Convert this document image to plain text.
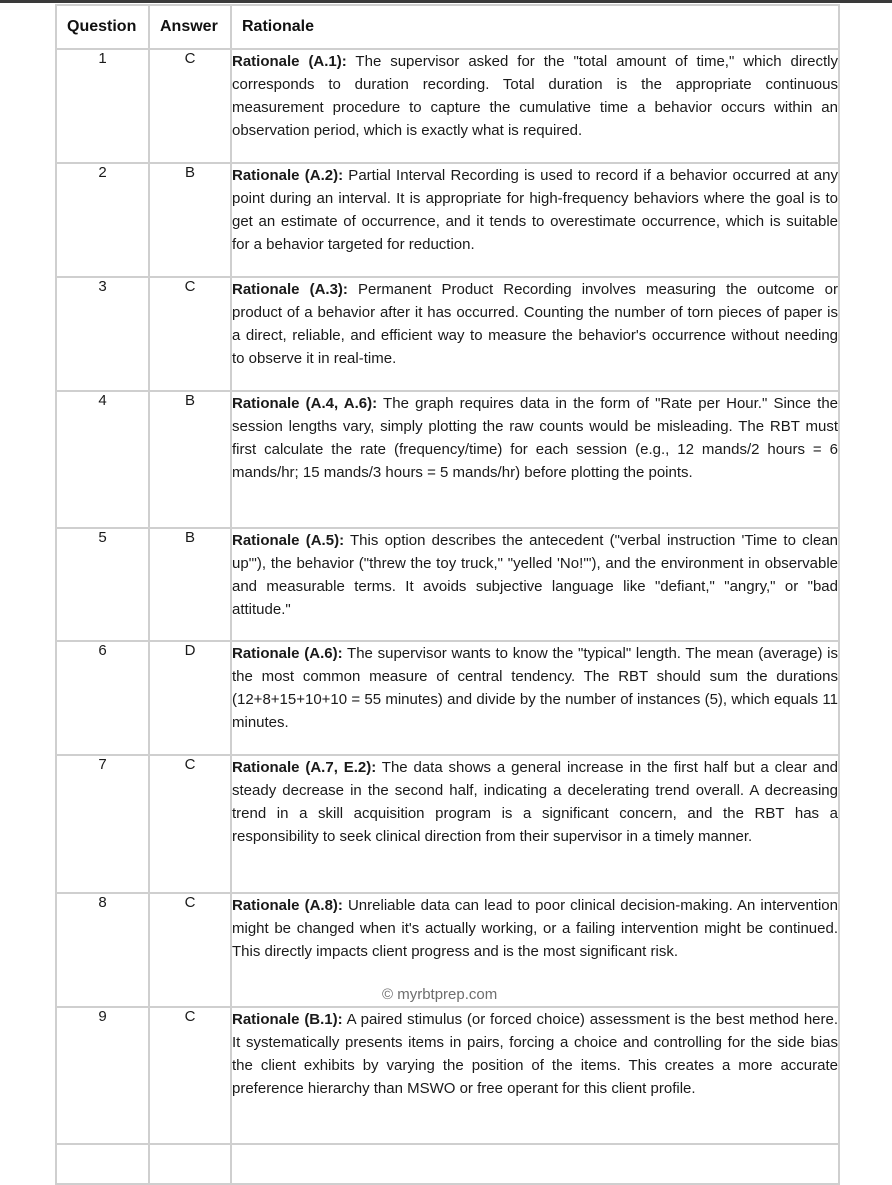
Question	Answer	Rationale
1	C	Rationale (A.1): The supervisor asked for the "total amount of time," which directly corresponds to duration recording. Total duration is the appropriate continuous measurement procedure to capture the cumulative time a behavior occurs within an observation period, which is exactly what is required.
2	B	Rationale (A.2): Partial Interval Recording is used to record if a behavior occurred at any point during an interval. It is appropriate for high-frequency behaviors where the goal is to get an estimate of occurrence, and it tends to overestimate occurrence, which is suitable for a behavior targeted for reduction.
3	C	Rationale (A.3): Permanent Product Recording involves measuring the outcome or product of a behavior after it has occurred. Counting the number of torn pieces of paper is a direct, reliable, and efficient way to measure the behavior's occurrence without needing to observe it in real-time.
4	B	Rationale (A.4, A.6): The graph requires data in the form of "Rate per Hour." Since the session lengths vary, simply plotting the raw counts would be misleading. The RBT must first calculate the rate (frequency/time) for each session (e.g., 12 mands/2 hours = 6 mands/hr; 15 mands/3 hours = 5 mands/hr) before plotting the points.
5	B	Rationale (A.5): This option describes the antecedent ("verbal instruction 'Time to clean up'"), the behavior ("threw the toy truck," "yelled 'No!'"), and the environment in observable and measurable terms. It avoids subjective language like "defiant," "angry," or "bad attitude."
6	D	Rationale (A.6): The supervisor wants to know the "typical" length. The mean (average) is the most common measure of central tendency. The RBT should sum the durations (12+8+15+10+10 = 55 minutes) and divide by the number of instances (5), which equals 11 minutes.
7	C	Rationale (A.7, E.2): The data shows a general increase in the first half but a clear and steady decrease in the second half, indicating a decelerating trend overall. A decreasing trend in a skill acquisition program is a significant concern, and the RBT has a responsibility to seek clinical direction from their supervisor in a timely manner.
8	C	Rationale (A.8): Unreliable data can lead to poor clinical decision-making. An intervention might be changed when it's actually working, or a failing intervention might be continued. This directly impacts client progress and is the most significant risk.
9	C	Rationale (B.1): A paired stimulus (or forced choice) assessment is the best method here. It systematically presents items in pairs, forcing a choice and controlling for the side bias the client exhibits by varying the position of the items. This creates a more accurate preference hierarchy than MSWO or free operant for this client profile.

© myrbtprep.com
